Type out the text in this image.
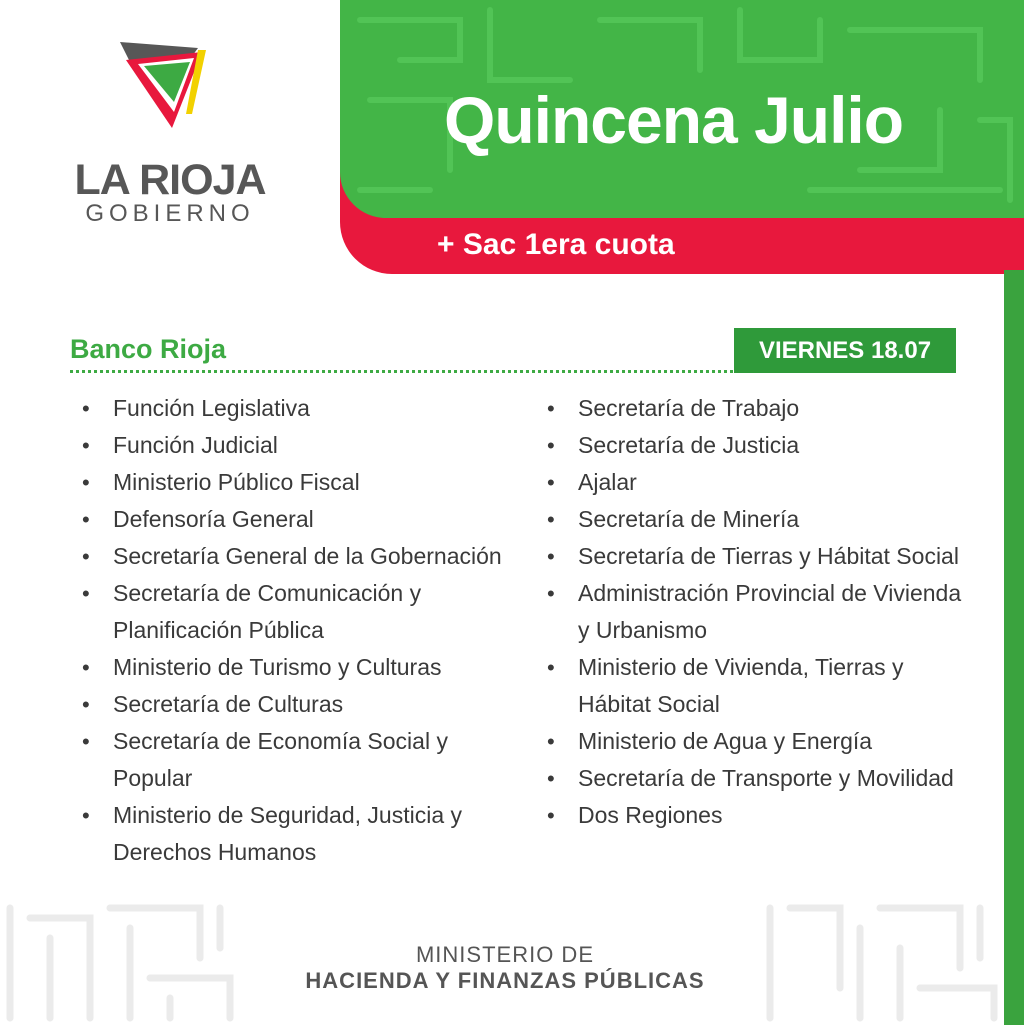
LA RIOJA
GOBIERNO
Quincena Julio
+ Sac 1era cuota
Banco Rioja	VIERNES 18.07
• Función Legislativa
• Función Judicial
• Ministerio Público Fiscal
• Defensoría General
• Secretaría General de la Gobernación
• Secretaría de Comunicación y Planificación Pública
• Ministerio de Turismo y Culturas
• Secretaría de Culturas
• Secretaría de Economía Social y Popular
• Ministerio de Seguridad, Justicia y Derechos Humanos
• Secretaría de Trabajo
• Secretaría de Justicia
• Ajalar
• Secretaría de Minería
• Secretaría de Tierras y Hábitat Social
• Administración Provincial de Vivienda y Urbanismo
• Ministerio de Vivienda, Tierras y Hábitat Social
• Ministerio de Agua y Energía
• Secretaría de Transporte y Movilidad
• Dos Regiones
MINISTERIO DE
HACIENDA Y FINANZAS PÚBLICAS
